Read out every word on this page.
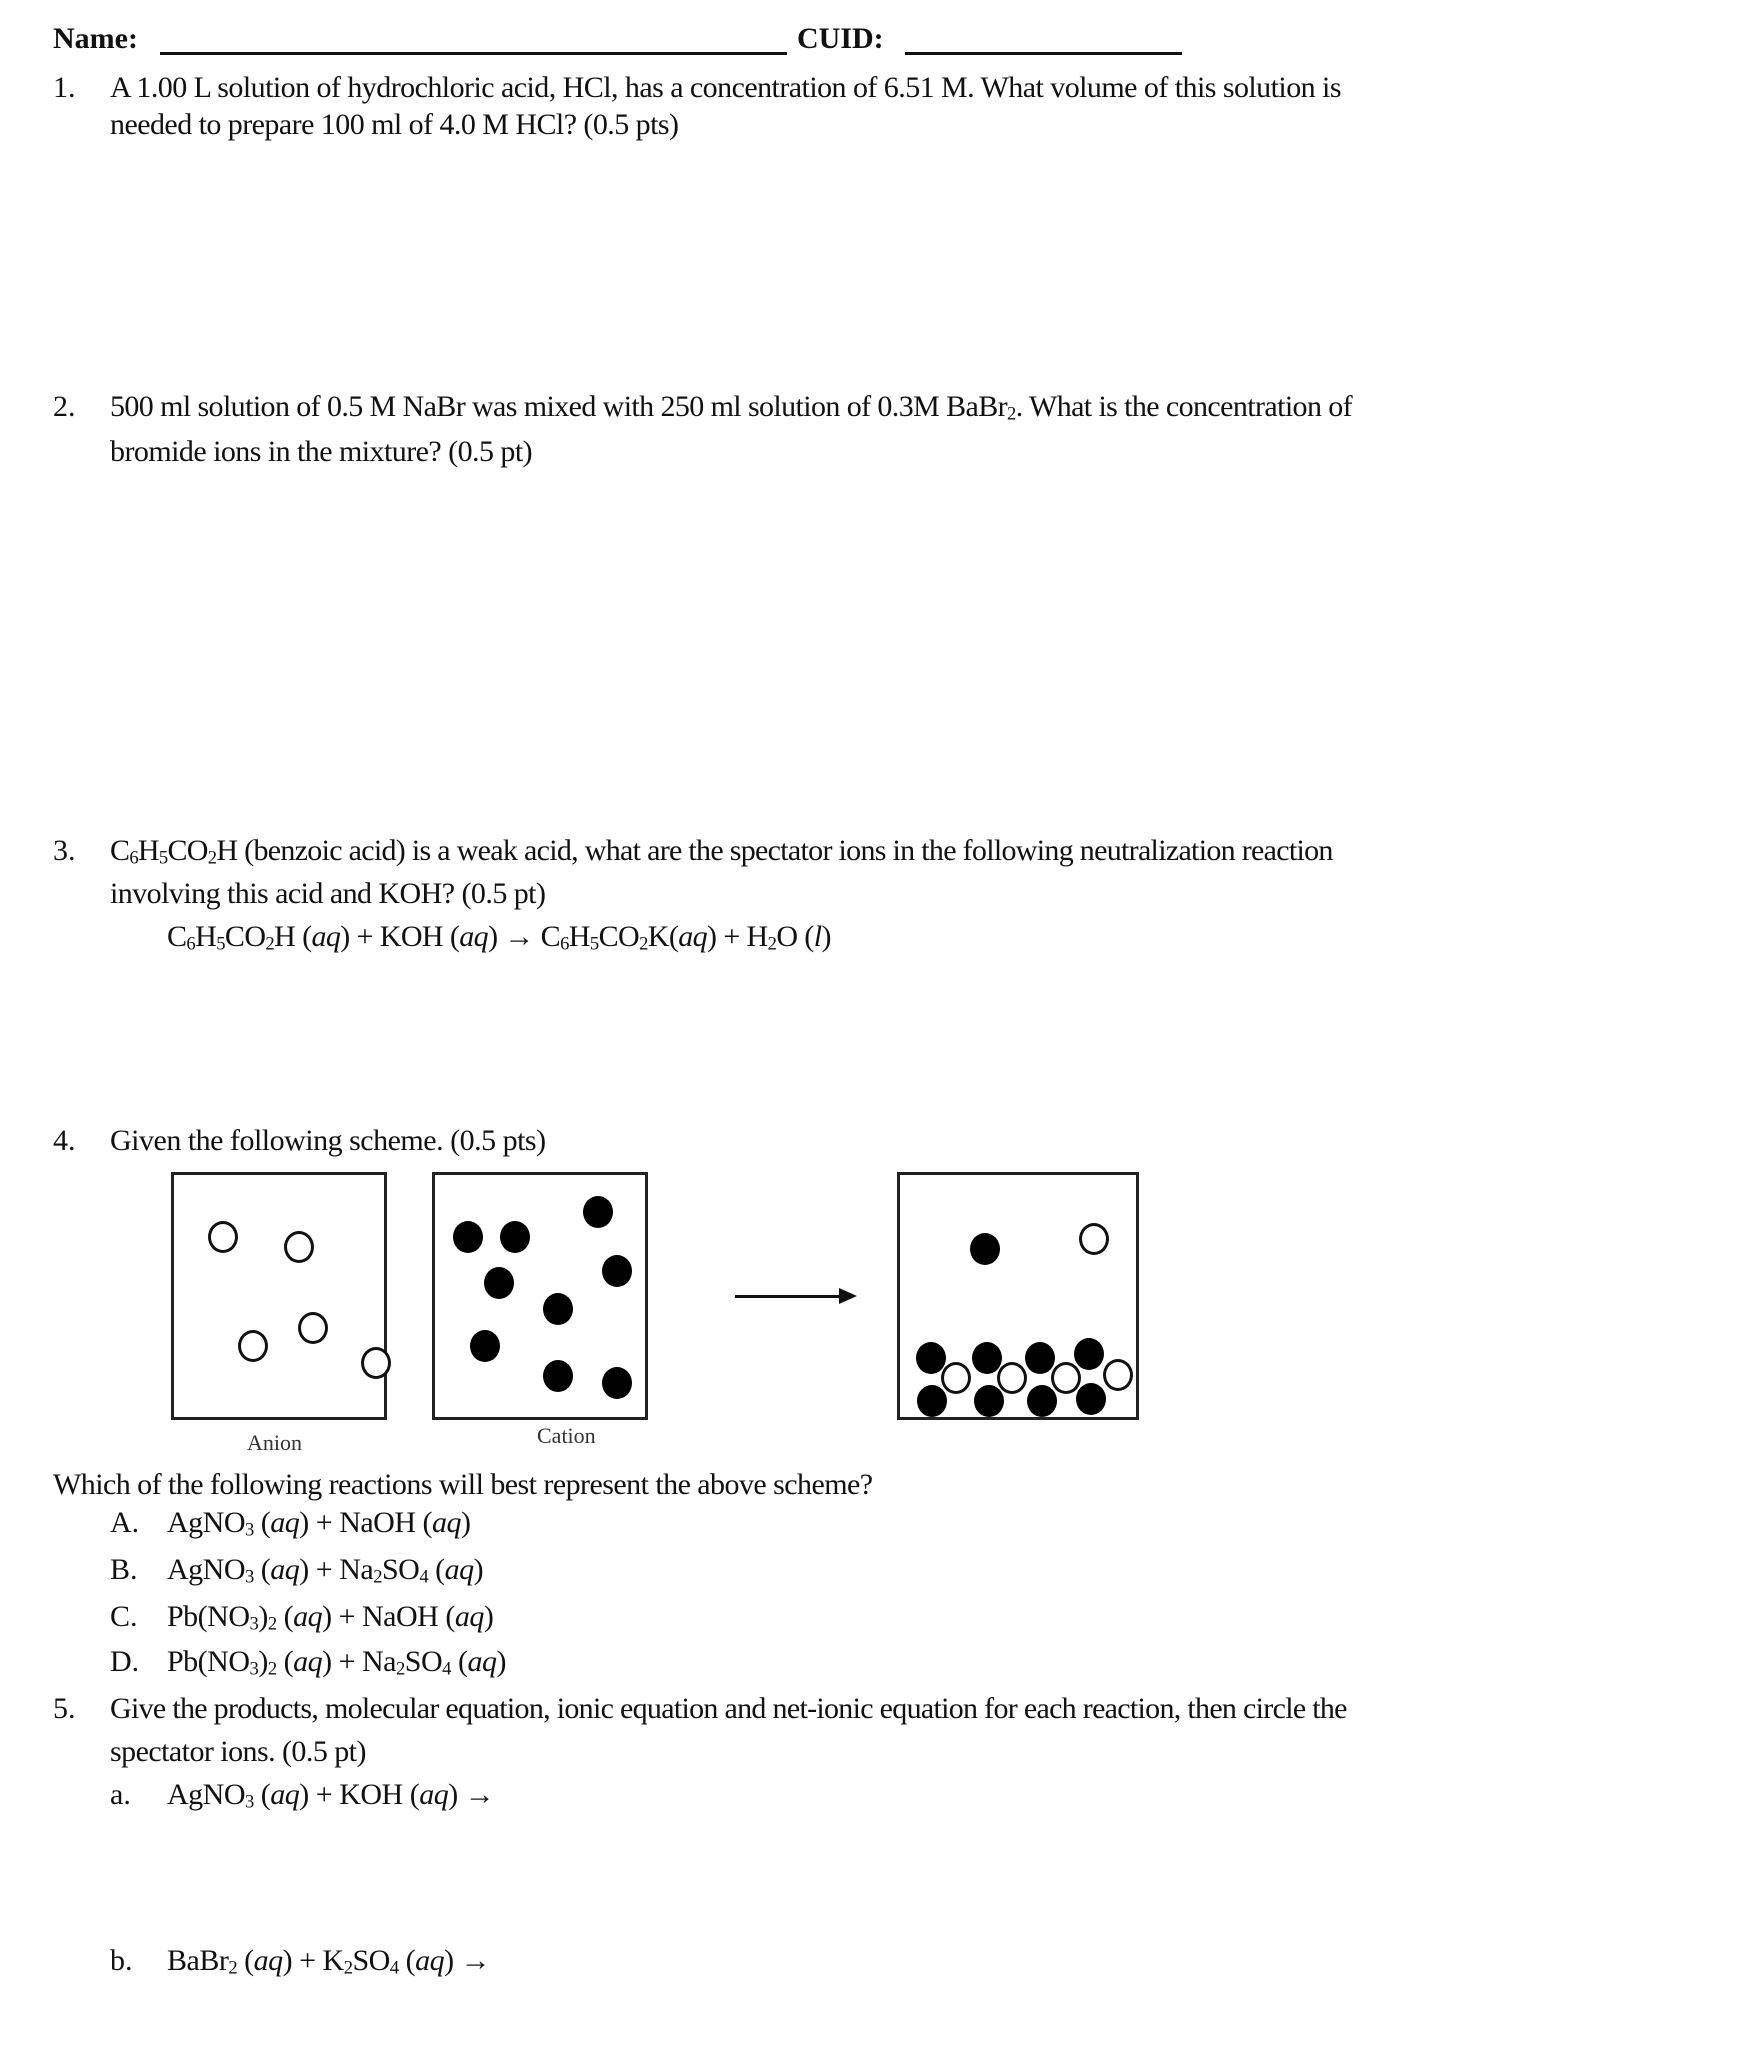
Name:	CUID:
1. A 1.00 L solution of hydrochloric acid, HCl, has a concentration of 6.51 M. What volume of this solution is
needed to prepare 100 ml of 4.0 M HCl? (0.5 pts)
2. 500 ml solution of 0.5 M NaBr was mixed with 250 ml solution of 0.3M BaBr$_2$. What is the concentration of
bromide ions in the mixture? (0.5 pt)
3. $C_6H_5CO_2H$ (benzoic acid) is a weak acid, what are the spectator ions in the following neutralization reaction
involving this acid and KOH? (0.5 pt)
$C_6H_5CO_2H$ (aq) + KOH $(aq) \to C_6H_5CO_2K(aq) + H_2O$ (l)
4. Given the following scheme. (0.5 pts)
Anion	Cation
Which of the following reactions will best represent the above scheme?
A. AgNO$_3$ (aq) + NaOH (aq)
B. AgNO$_3$ $(aq) + Na_2SO_4$ (aq)
C. $Pb(NO_3)_2$ (aq) + NaOH (aq)
D. $Pb(NO_3)_2$ $(aq) + Na_2SO_4$ (aq)
5. Give the products, molecular equation, ionic equation and net-ionic equation for each reaction, then circle the
spectator ions. (0.5 pt)
a. AgNO$_3$ (aq) + KOH (aq) →
b. BaBr$_2$ $(aq) + K_2SO_4$ (aq) →
